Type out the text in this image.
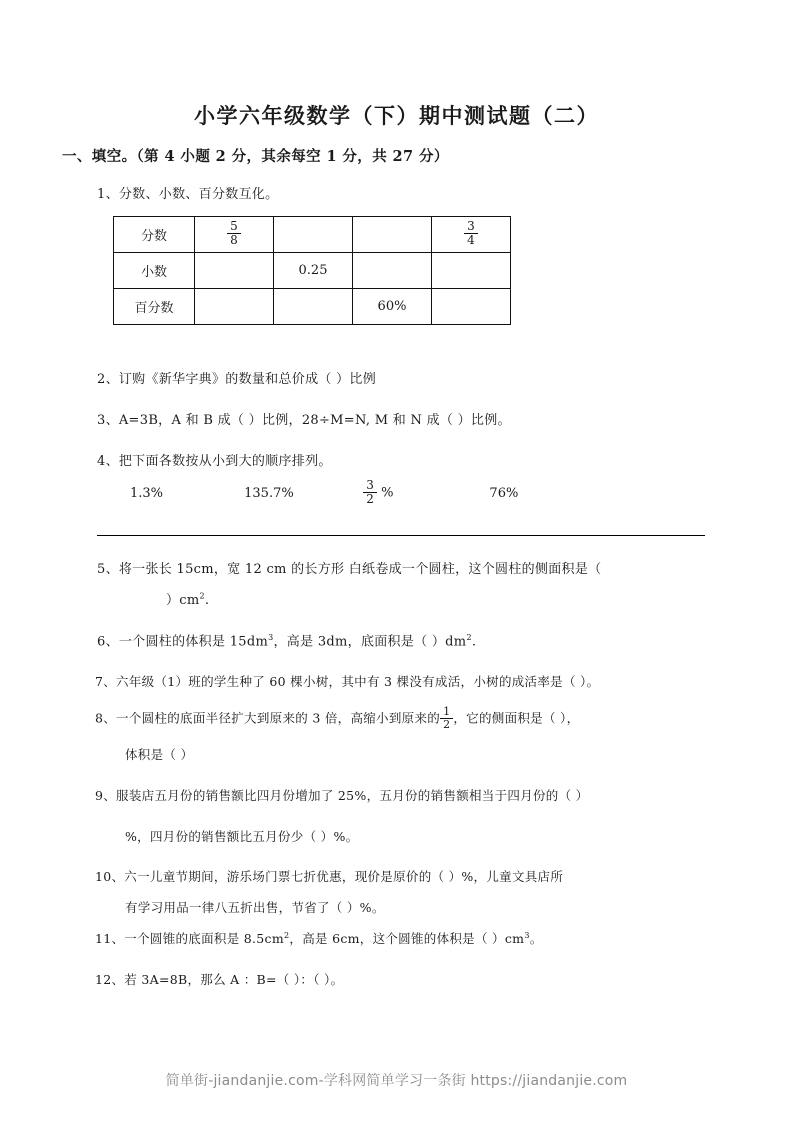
小学六年级数学（下）期中测试题（二）
一、填空。（第 4 小题 2 分，其余每空 1 分，共 27 分）
1、分数、小数、百分数互化。
分数	$\frac{5}{8}$			$\frac{3}{4}$

小数		0.25		
百分数			60%	
2、订购《新华字典》的数量和总价成（ ）比例
3、A=3B，A 和 B 成（ ）比例，28÷M=N, M 和 N 成（ ）比例。
4、把下面各数按从小到大的顺序排列。
1.3%	135.7%	$\frac{3}{2}$ %	76%
5、将一张长 15cm，宽 12 cm 的长方形 白纸卷成一个圆柱，这个圆柱的侧面积是（
）$cm^2$.
6、一个圆柱的体积是 $15dm^3$，高是 3dm，底面积是（ ）$dm^2$.
7、六年级（1）班的学生种了 60 棵小树，其中有 3 棵没有成活，小树的成活率是（ ）。
8、一个圆柱的底面半径扩大到原来的 3 倍，高缩小到原来的 $\frac{1}{2}$ ，它的侧面积是（ ），
体积是（ ）
9、服装店五月份的销售额比四月份增加了 25%，五月份的销售额相当于四月份的（ ）
%，四月份的销售额比五月份少（ ）%。
10、六一儿童节期间，游乐场门票七折优惠，现价是原价的（ ）%，儿童文具店所
有学习用品一律八五折出售，节省了（ ）%。
11、一个圆锥的底面积是 $8.5cm^2$，高是 6cm，这个圆锥的体积是（ ）$cm^3$。
12、若 3A=8B，那么 A ：B=（ ）：（ ）。
简单街-jiandanjie.com-学科网简单学习一条街 https://jiandanjie.com
